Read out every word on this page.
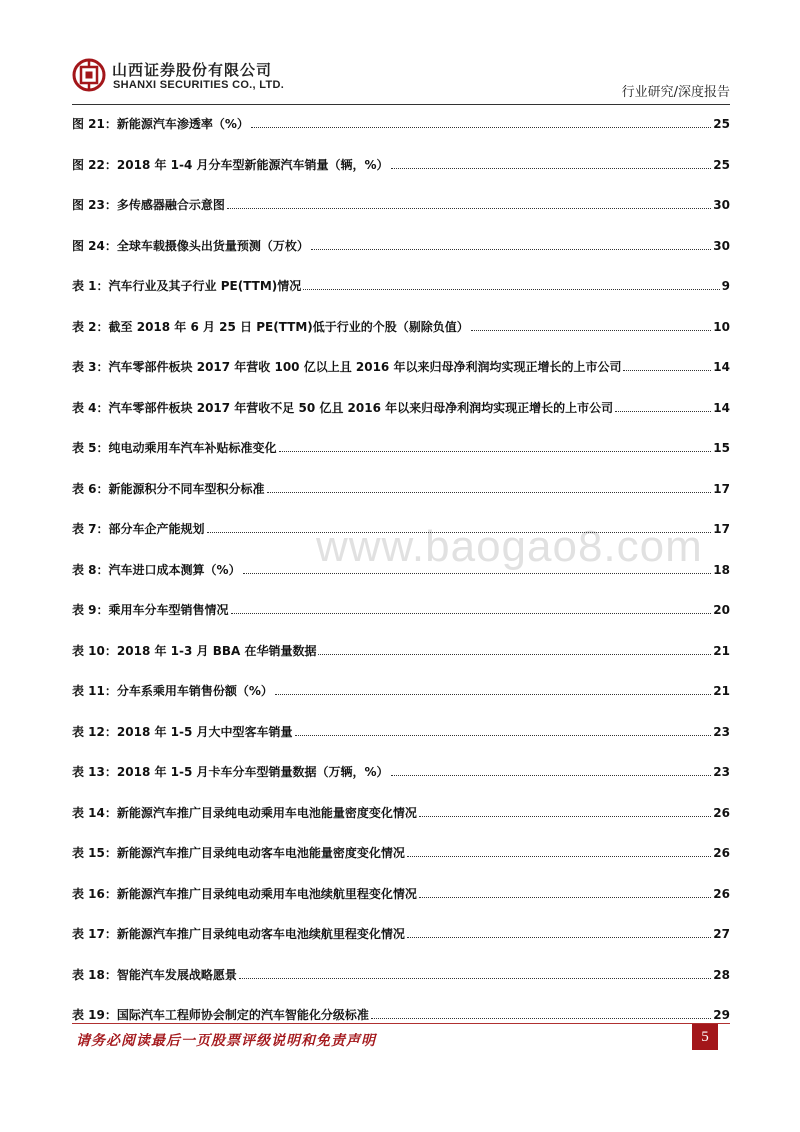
山西证券股份有限公司
SHANXI SECURITIES CO., LTD.	行业研究/深度报告
www.baogao8.com
图 21 ： 新能源汽车渗透率（%）	25
图 22 ： 2018 年 1-4 月分车型新能源汽车销量（辆，%）	25
图 23 ： 多传感器融合示意图	30
图 24 ： 全球车载摄像头出货量预测（万枚）	30
表 1 ： 汽车行业及其子行业 PE(TTM)情况	9
表 2 ： 截至 2018 年 6 月 25 日 PE(TTM)低于行业的个股（剔除负值）	10
表 3 ： 汽车零部件板块 2017 年营收 100 亿以上且 2016 年以来归母净利润均实现正增长的上市公司	14
表 4 ： 汽车零部件板块 2017 年营收不足 50 亿且 2016 年以来归母净利润均实现正增长的上市公司	14
表 5 ： 纯电动乘用车汽车补贴标准变化	15
表 6 ： 新能源积分不同车型积分标准	17
表 7 ： 部分车企产能规划	17
表 8 ： 汽车进口成本测算（%）	18
表 9 ： 乘用车分车型销售情况	20
表 10 ： 2018 年 1-3 月 BBA 在华销量数据	21
表 11 ： 分车系乘用车销售份额（%）	21
表 12 ： 2018 年 1-5 月大中型客车销量	23
表 13 ： 2018 年 1-5 月卡车分车型销量数据（万辆，%）	23
表 14 ： 新能源汽车推广目录纯电动乘用车电池能量密度变化情况	26
表 15 ： 新能源汽车推广目录纯电动客车电池能量密度变化情况	26
表 16 ： 新能源汽车推广目录纯电动乘用车电池续航里程变化情况	26
表 17 ： 新能源汽车推广目录纯电动客车电池续航里程变化情况	27
表 18 ： 智能汽车发展战略愿景	28
表 19 ： 国际汽车工程师协会制定的汽车智能化分级标准	29
请务必阅读最后一页股票评级说明和免责声明	5
